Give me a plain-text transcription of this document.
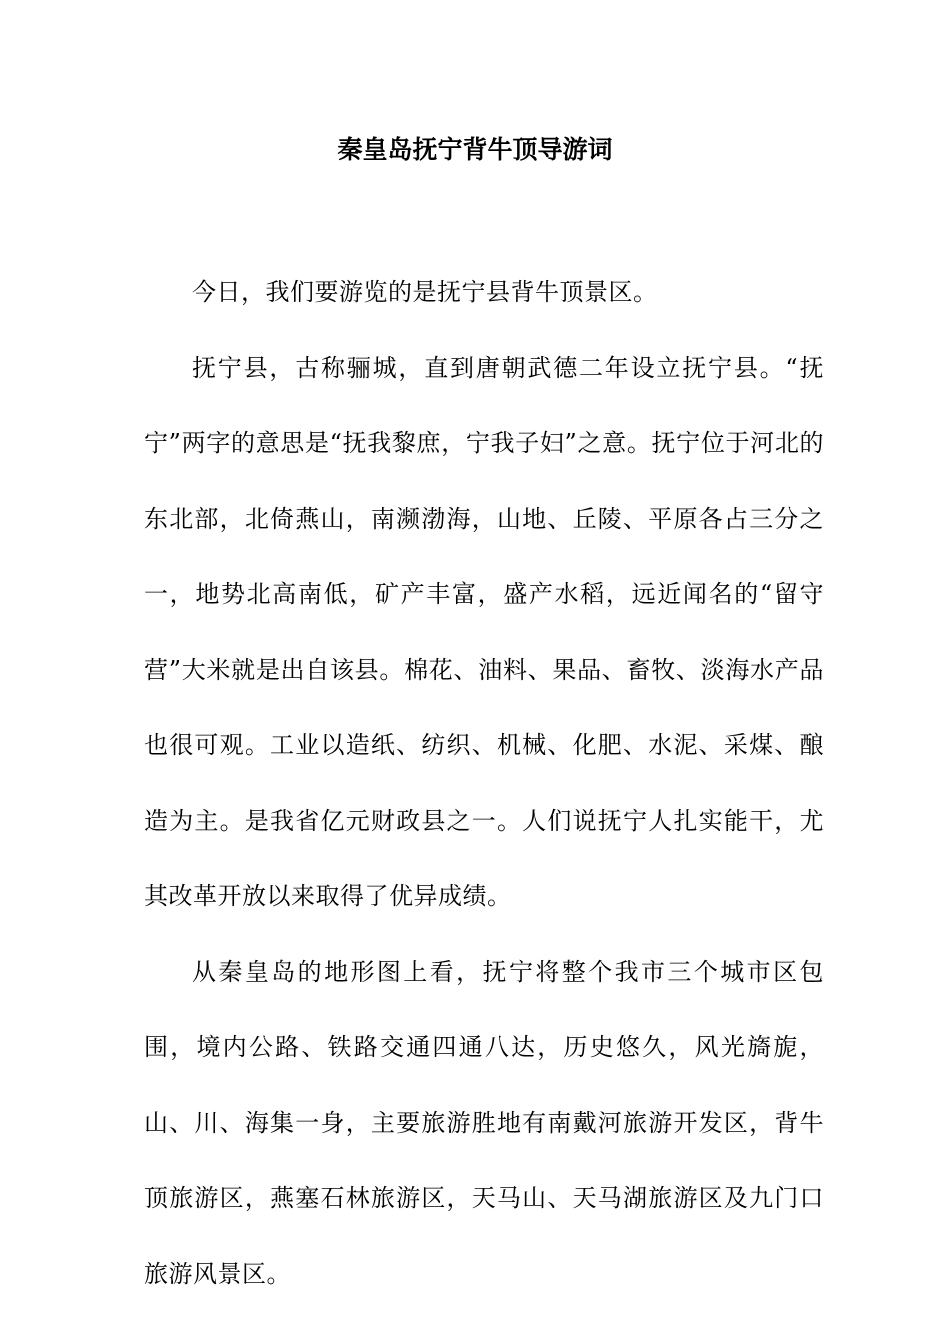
秦皇岛抚宁背牛顶导游词

今日，我们要游览的是抚宁县背牛顶景区。

抚宁县，古称骊城，直到唐朝武德二年设立抚宁县。“抚宁”两字的意思是“抚我黎庶，宁我子妇”之意。抚宁位于河北的东北部，北倚燕山，南濒渤海，山地、丘陵、平原各占三分之一，地势北高南低，矿产丰富，盛产水稻，远近闻名的“留守营”大米就是出自该县。棉花、油料、果品、畜牧、淡海水产品也很可观。工业以造纸、纺织、机械、化肥、水泥、采煤、酿造为主。是我省亿元财政县之一。人们说抚宁人扎实能干，尤其改革开放以来取得了优异成绩。

从秦皇岛的地形图上看，抚宁将整个我市三个城市区包围，境内公路、铁路交通四通八达，历史悠久，风光旖旎，山、川、海集一身，主要旅游胜地有南戴河旅游开发区，背牛顶旅游区，燕塞石林旅游区，天马山、天马湖旅游区及九门口旅游风景区。
